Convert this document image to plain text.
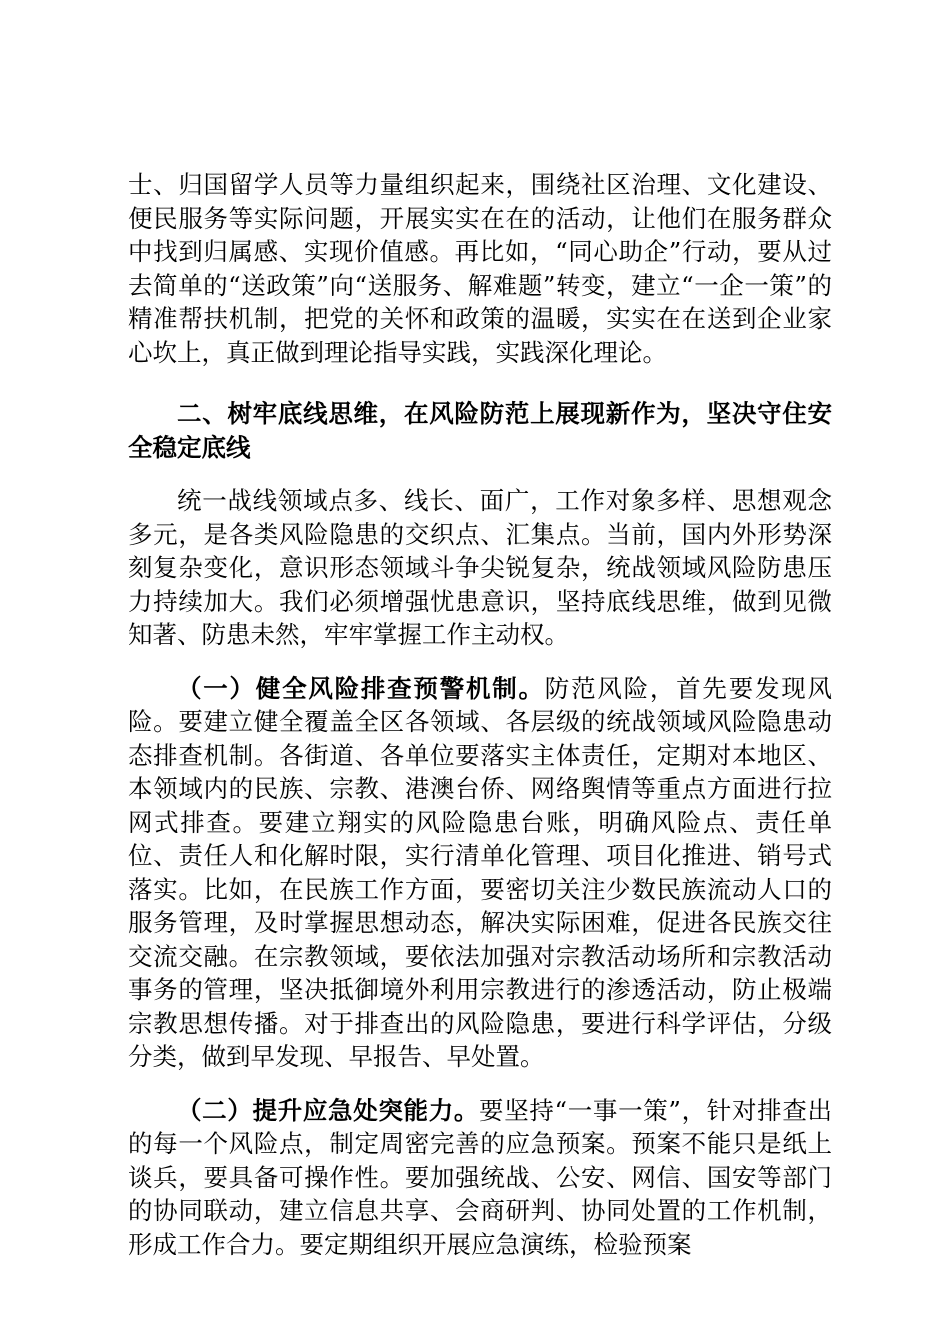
士、归国留学人员等力量组织起来，围绕社区治理、文化建设、便民服务等实际问题，开展实实在在的活动，让他们在服务群众中找到归属感、实现价值感。再比如，“同心助企”行动，要从过去简单的“送政策”向“送服务、解难题”转变，建立“一企一策”的精准帮扶机制，把党的关怀和政策的温暖，实实在在送到企业家心坎上，真正做到理论指导实践，实践深化理论。

二、树牢底线思维，在风险防范上展现新作为，坚决守住安全稳定底线

统一战线领域点多、线长、面广，工作对象多样、思想观念多元，是各类风险隐患的交织点、汇集点。当前，国内外形势深刻复杂变化，意识形态领域斗争尖锐复杂，统战领域风险防患压力持续加大。我们必须增强忧患意识，坚持底线思维，做到见微知著、防患未然，牢牢掌握工作主动权。

（一）健全风险排查预警机制。防范风险，首先要发现风险。要建立健全覆盖全区各领域、各层级的统战领域风险隐患动态排查机制。各街道、各单位要落实主体责任，定期对本地区、本领域内的民族、宗教、港澳台侨、网络舆情等重点方面进行拉网式排查。要建立翔实的风险隐患台账，明确风险点、责任单位、责任人和化解时限，实行清单化管理、项目化推进、销号式落实。比如，在民族工作方面，要密切关注少数民族流动人口的服务管理，及时掌握思想动态，解决实际困难，促进各民族交往交流交融。在宗教领域，要依法加强对宗教活动场所和宗教活动事务的管理，坚决抵御境外利用宗教进行的渗透活动，防止极端宗教思想传播。对于排查出的风险隐患，要进行科学评估，分级分类，做到早发现、早报告、早处置。

（二）提升应急处突能力。要坚持“一事一策”，针对排查出的每一个风险点，制定周密完善的应急预案。预案不能只是纸上谈兵，要具备可操作性。要加强统战、公安、网信、国安等部门的协同联动，建立信息共享、会商研判、协同处置的工作机制，形成工作合力。要定期组织开展应急演练，检验预案
